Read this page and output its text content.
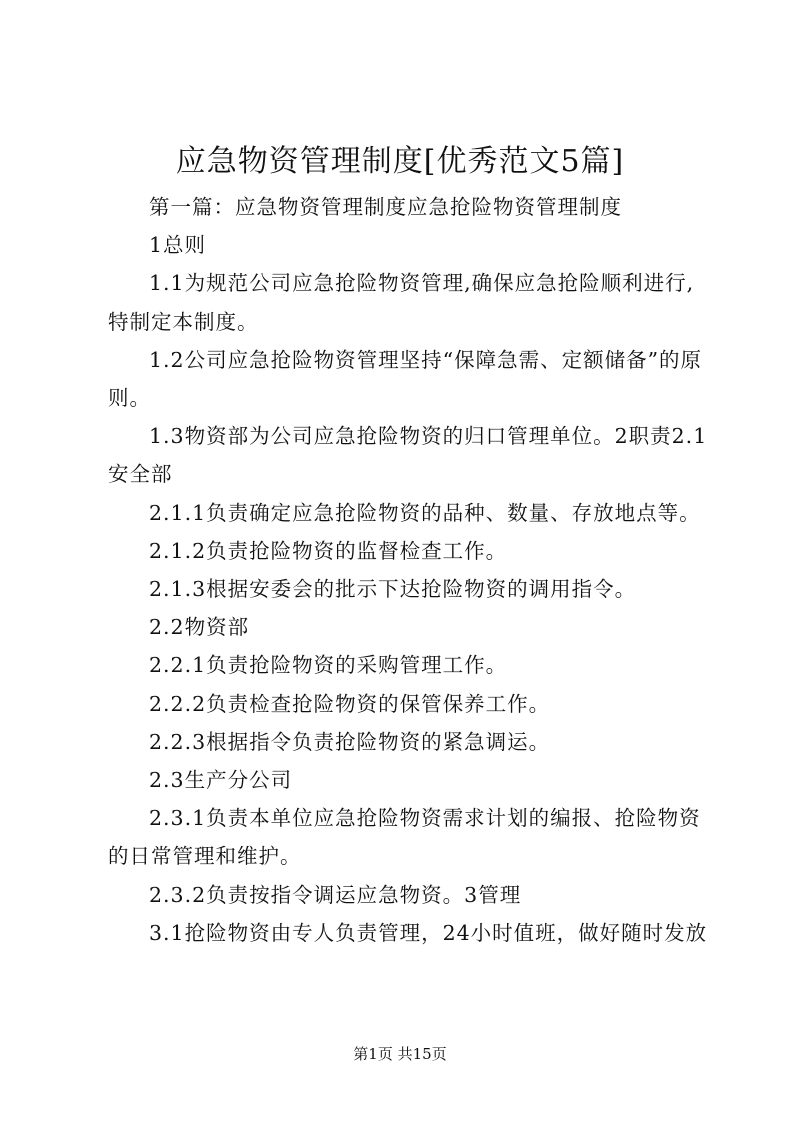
应急物资管理制度[优秀范文5篇]

第一篇：应急物资管理制度应急抢险物资管理制度

1总则

1.1为规范公司应急抢险物资管理,确保应急抢险顺利进行,特制定本制度。

1.2公司应急抢险物资管理坚持“保障急需、定额储备”的原则。

1.3物资部为公司应急抢险物资的归口管理单位。2职责2.1安全部

2.1.1负责确定应急抢险物资的品种、数量、存放地点等。

2.1.2负责抢险物资的监督检查工作。

2.1.3根据安委会的批示下达抢险物资的调用指令。

2.2物资部

2.2.1负责抢险物资的采购管理工作。

2.2.2负责检查抢险物资的保管保养工作。

2.2.3根据指令负责抢险物资的紧急调运。

2.3生产分公司

2.3.1负责本单位应急抢险物资需求计划的编报、抢险物资的日常管理和维护。

2.3.2负责按指令调运应急物资。3管理

3.1抢险物资由专人负责管理，24小时值班，做好随时发放

第1页 共15页
